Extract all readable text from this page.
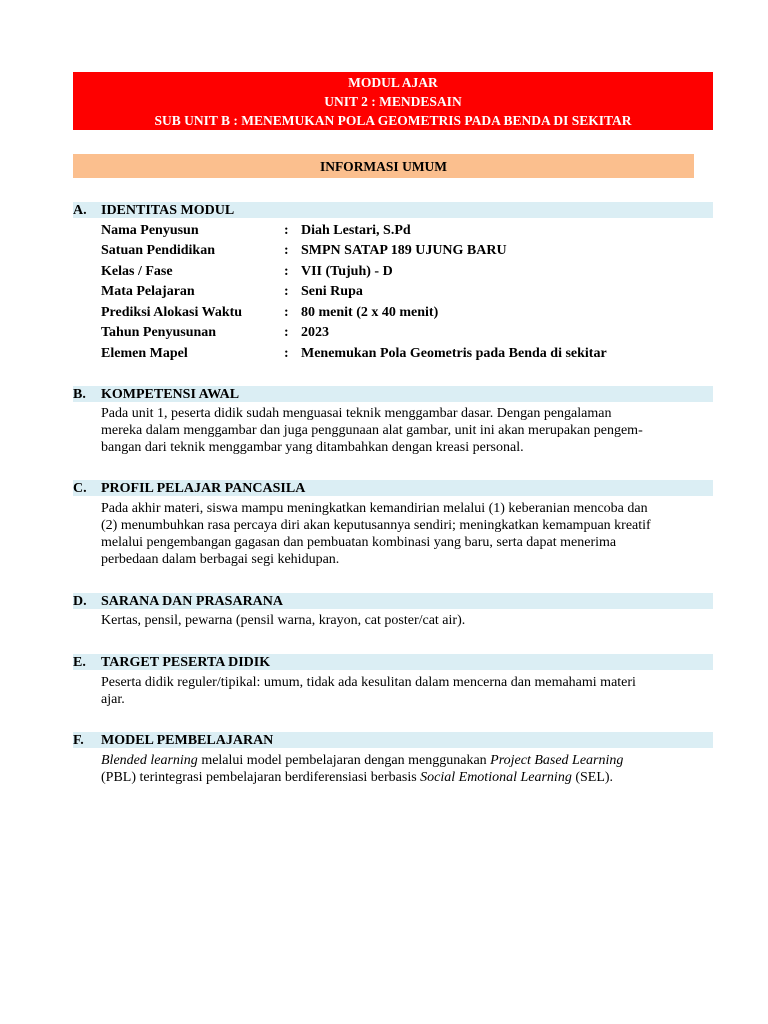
MODUL AJAR
UNIT 2 : MENDESAIN
SUB UNIT B : MENEMUKAN POLA GEOMETRIS PADA BENDA DI SEKITAR
INFORMASI UMUM
A. IDENTITAS MODUL
Nama Penyusun	: Diah Lestari, S.Pd
Satuan Pendidikan	: SMPN SATAP 189 UJUNG BARU
Kelas / Fase	: VII (Tujuh) - D
Mata Pelajaran	: Seni Rupa
Prediksi Alokasi Waktu	: 80 menit (2 x 40 menit)
Tahun Penyusunan	: 2023
Elemen Mapel	: Menemukan Pola Geometris pada Benda di sekitar
B. KOMPETENSI AWAL
Pada unit 1, peserta didik sudah menguasai teknik menggambar dasar. Dengan pengalaman
mereka dalam menggambar dan juga penggunaan alat gambar, unit ini akan merupakan pengem-
bangan dari teknik menggambar yang ditambahkan dengan kreasi personal.
C. PROFIL PELAJAR PANCASILA
Pada akhir materi, siswa mampu meningkatkan kemandirian melalui (1) keberanian mencoba dan
(2) menumbuhkan rasa percaya diri akan keputusannya sendiri; meningkatkan kemampuan kreatif
melalui pengembangan gagasan dan pembuatan kombinasi yang baru, serta dapat menerima
perbedaan dalam berbagai segi kehidupan.
D. SARANA DAN PRASARANA
Kertas, pensil, pewarna (pensil warna, krayon, cat poster/cat air).
E. TARGET PESERTA DIDIK
Peserta didik reguler/tipikal: umum, tidak ada kesulitan dalam mencerna dan memahami materi
ajar.
F. MODEL PEMBELAJARAN
Blended learning melalui model pembelajaran dengan menggunakan Project Based Learning
(PBL) terintegrasi pembelajaran berdiferensiasi berbasis Social Emotional Learning (SEL).
